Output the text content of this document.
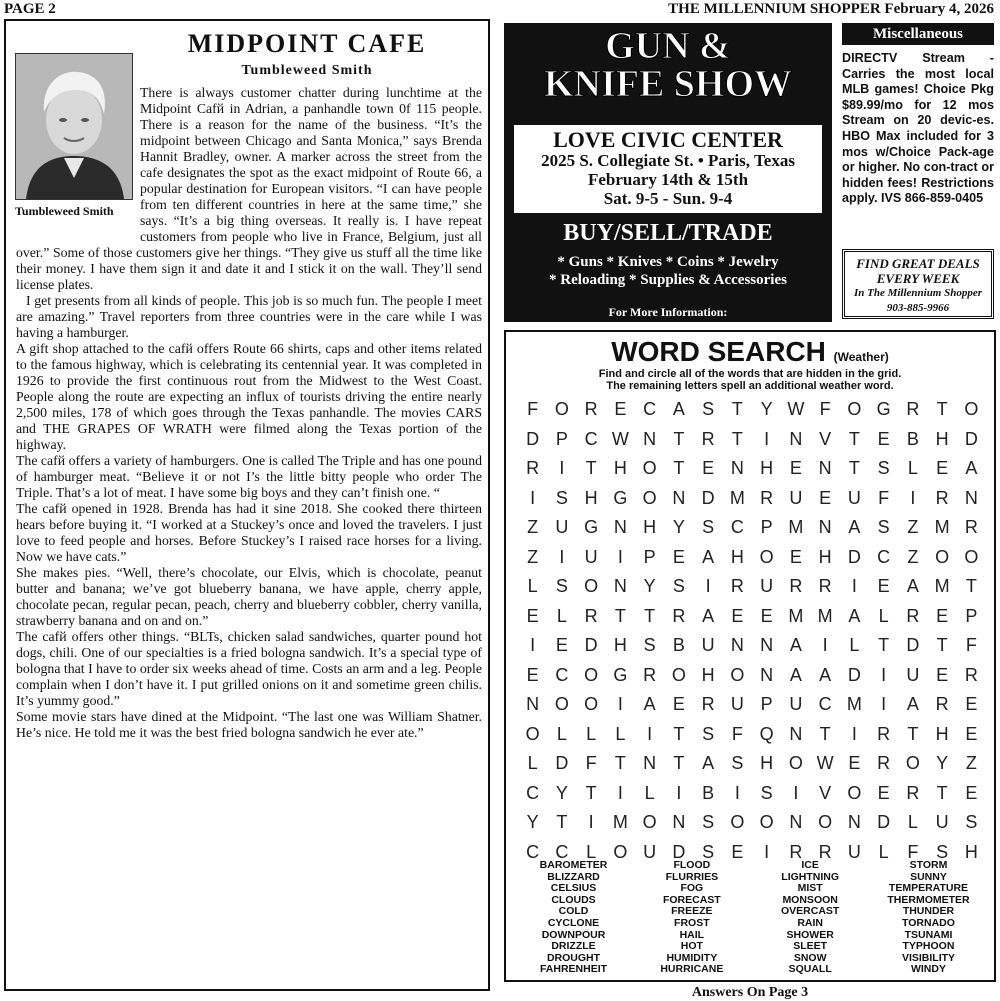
PAGE 2	THE MILLENNIUM SHOPPER February 4, 2026
MIDPOINT CAFE
Tumbleweed Smith
Tumbleweed Smith

There is always customer chatter during lunchtime at the Midpoint Cafй in Adrian, a panhandle town 0f 115 people. There is a reason for the name of the business. “It’s the midpoint between Chicago and Santa Monica,” says Brenda Hannit Bradley, owner. A marker across the street from the cafe designates the spot as the exact midpoint of Route 66, a popular destination for European visitors. “I can have people from ten different countries in here at the same time,” she says. “It’s a big thing overseas. It really is. I have repeat customers from people who live in France, Belgium, just all over.” Some of those customers give her things. “They give us stuff all the time like their money. I have them sign it and date it and I stick it on the wall. They’ll send license plates.

I get presents from all kinds of people. This job is so much fun. The people I meet are amazing.” Travel reporters from three countries were in the care while I was having a hamburger.

A gift shop attached to the cafй offers Route 66 shirts, caps and other items related to the famous highway, which is celebrating its centennial year. It was completed in 1926 to provide the first continuous rout from the Midwest to the West Coast. People along the route are expecting an influx of tourists driving the entire nearly 2,500 miles, 178 of which goes through the Texas panhandle. The movies CARS and THE GRAPES OF WRATH were filmed along the Texas portion of the highway.

The cafй offers a variety of hamburgers. One is called The Triple and has one pound of hamburger meat. “Believe it or not I’s the little bitty people who order The Triple. That’s a lot of meat. I have some big boys and they can’t finish one. “

The cafй opened in 1928. Brenda has had it sine 2018. She cooked there thirteen hears before buying it. “I worked at a Stuckey’s once and loved the travelers. I just love to feed people and horses. Before Stuckey’s I raised race horses for a living. Now we have cats.”

She makes pies. “Well, there’s chocolate, our Elvis, which is chocolate, peanut butter and banana; we’ve got blueberry banana, we have apple, cherry apple, chocolate pecan, regular pecan, peach, cherry and blueberry cobbler, cherry vanilla, strawberry banana and on and on.”

The cafй offers other things. “BLTs, chicken salad sandwiches, quarter pound hot dogs, chili. One of our specialties is a fried bologna sandwich. It’s a special type of bologna that I have to order six weeks ahead of time. Costs an arm and a leg. People complain when I don’t have it. I put grilled onions on it and sometime green chilis. It’s yummy good.”

Some movie stars have dined at the Midpoint. “The last one was William Shatner. He’s nice. He told me it was the best fried bologna sandwich he ever ate.”

GUN &
KNIFE SHOW
LOVE CIVIC CENTER
2025 S. Collegiate St. • Paris, Texas
February 14th & 15th
Sat. 9-5 - Sun. 9-4
BUY/SELL/TRADE
* Guns * Knives * Coins * Jewelry
* Reloading * Supplies & Accessories
For More Information:
Call 918-658-4500
Miscellaneous
DIRECTV Stream - Carries the most local MLB games! Choice Pkg $89.99/mo for 12 mos Stream on 20 devic-es. HBO Max included for 3 mos w/Choice Pack-age or higher. No con-tract or hidden fees! Restrictions apply. IVS 866-859-0405
FIND GREAT DEALS
EVERY WEEK
In The Millennium Shopper
903-885-9966
WORD SEARCH (Weather)
Find and circle all of the words that are hidden in the grid.
The remaining letters spell an additional weather word.
F O R E C A S T Y W F O G R T O
D P C W N T R T	I	N V T E B H D
R	I	T H O T E N H E N T S	L	E A
I	S H G O N D M R U E U F	I	R N
Z U G N H Y S C P M N A S Z M R
Z	I	U	I	P E A H O E H D C Z O O
L	S O N Y S	I	R U R R	I	E A M T
E	L R T	T R A E E M M A	L R E P
I	E D H S B U N N A	I	L	T D T	F
E C O G R O H O N A A D	I	U E R
N O O	I	A E R U P U C M	I	A R E
O L	L	L	I	T S F Q N T	I	R T H E
L D F	T N T A S H O W E R O Y Z
C Y T	I	L	I	B	I	S	I	V O E R T E
Y T	I	M O N S O O N O N D L U S
C C L O U D S E	I	R R U L	F S H
BAROMETER
BLIZZARD
CELSIUS
CLOUDS
COLD
CYCLONE
DOWNPOUR
DRIZZLE
DROUGHT
FAHRENHEIT
FLOOD
FLURRIES
FOG
FORECAST
FREEZE
FROST
HAIL
HOT
HUMIDITY
HURRICANE
ICE
LIGHTNING
MIST
MONSOON
OVERCAST
RAIN
SHOWER
SLEET
SNOW
SQUALL
STORM
SUNNY
TEMPERATURE
THERMOMETER
THUNDER
TORNADO
TSUNAMI
TYPHOON
VISIBILITY
WINDY
Answers On Page 3
